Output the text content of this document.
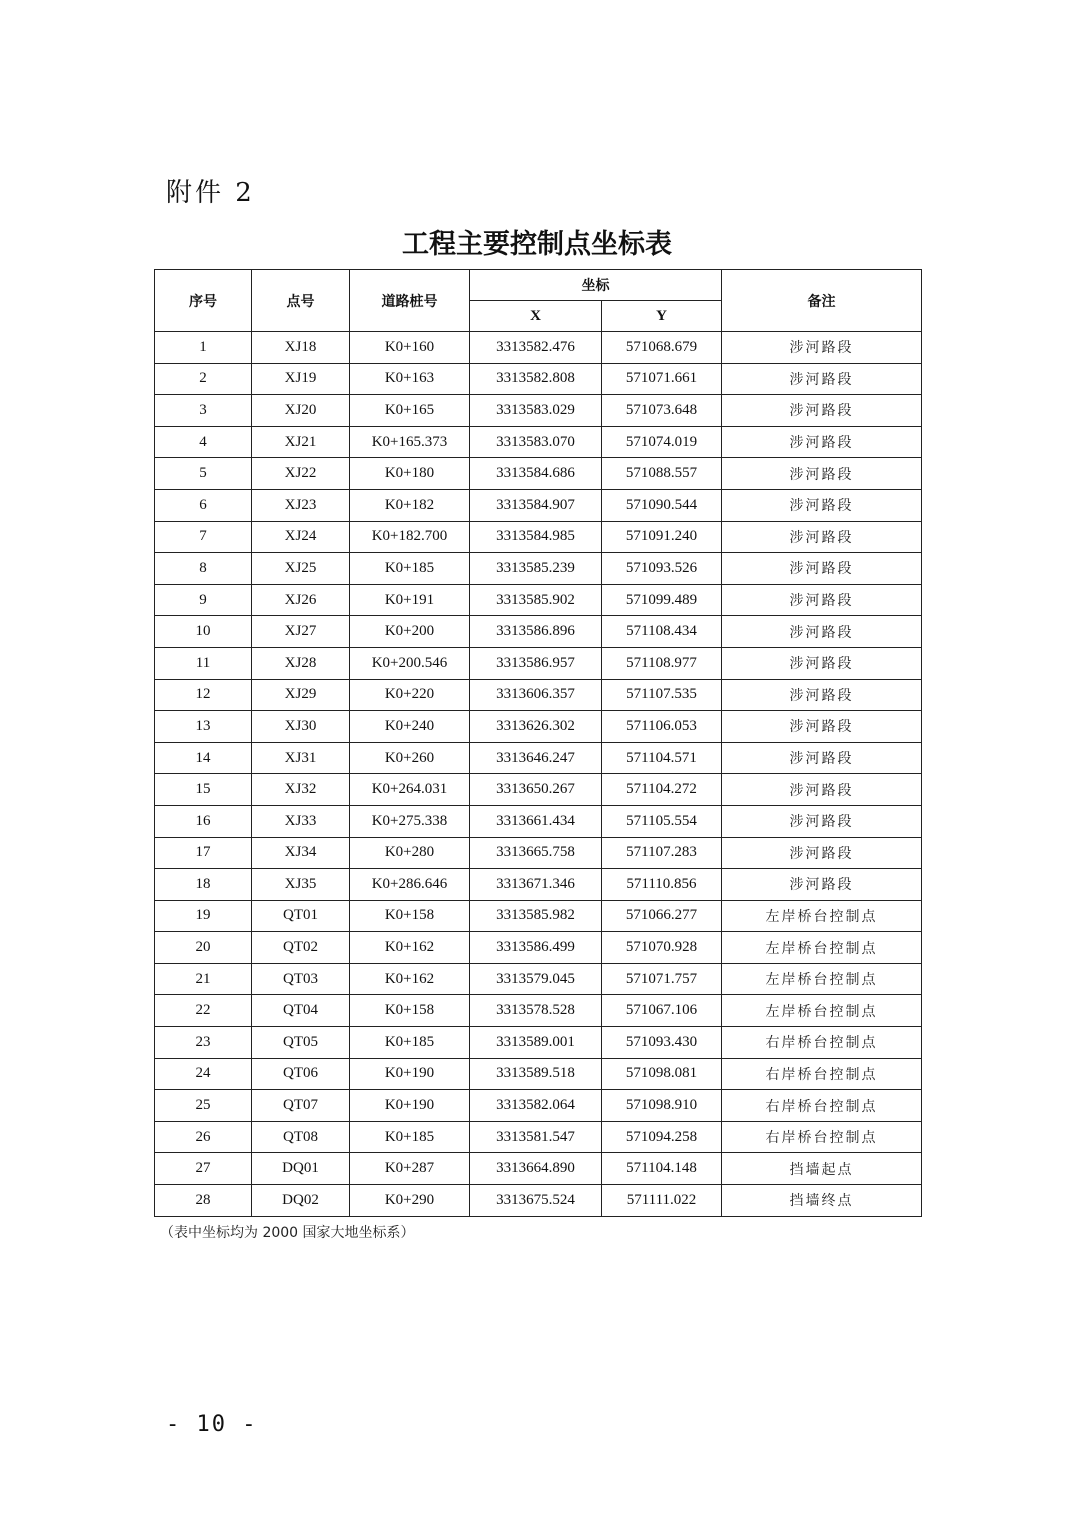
附件 2
工程主要控制点坐标表
序号	点号	道路桩号	坐标		备注
			X	Y	
1	XJ18	K0+160	3313582.476	571068.679	涉河路段
2	XJ19	K0+163	3313582.808	571071.661	涉河路段
3	XJ20	K0+165	3313583.029	571073.648	涉河路段
4	XJ21	K0+165.373	3313583.070	571074.019	涉河路段
5	XJ22	K0+180	3313584.686	571088.557	涉河路段
6	XJ23	K0+182	3313584.907	571090.544	涉河路段
7	XJ24	K0+182.700	3313584.985	571091.240	涉河路段
8	XJ25	K0+185	3313585.239	571093.526	涉河路段
9	XJ26	K0+191	3313585.902	571099.489	涉河路段
10	XJ27	K0+200	3313586.896	571108.434	涉河路段
11	XJ28	K0+200.546	3313586.957	571108.977	涉河路段
12	XJ29	K0+220	3313606.357	571107.535	涉河路段
13	XJ30	K0+240	3313626.302	571106.053	涉河路段
14	XJ31	K0+260	3313646.247	571104.571	涉河路段
15	XJ32	K0+264.031	3313650.267	571104.272	涉河路段
16	XJ33	K0+275.338	3313661.434	571105.554	涉河路段
17	XJ34	K0+280	3313665.758	571107.283	涉河路段
18	XJ35	K0+286.646	3313671.346	571110.856	涉河路段
19	QT01	K0+158	3313585.982	571066.277	左岸桥台控制点
20	QT02	K0+162	3313586.499	571070.928	左岸桥台控制点
21	QT03	K0+162	3313579.045	571071.757	左岸桥台控制点
22	QT04	K0+158	3313578.528	571067.106	左岸桥台控制点
23	QT05	K0+185	3313589.001	571093.430	右岸桥台控制点
24	QT06	K0+190	3313589.518	571098.081	右岸桥台控制点
25	QT07	K0+190	3313582.064	571098.910	右岸桥台控制点
26	QT08	K0+185	3313581.547	571094.258	右岸桥台控制点
27	DQ01	K0+287	3313664.890	571104.148	挡墙起点
28	DQ02	K0+290	3313675.524	571111.022	挡墙终点
（表中坐标均为 2000 国家大地坐标系）
- 10 -
